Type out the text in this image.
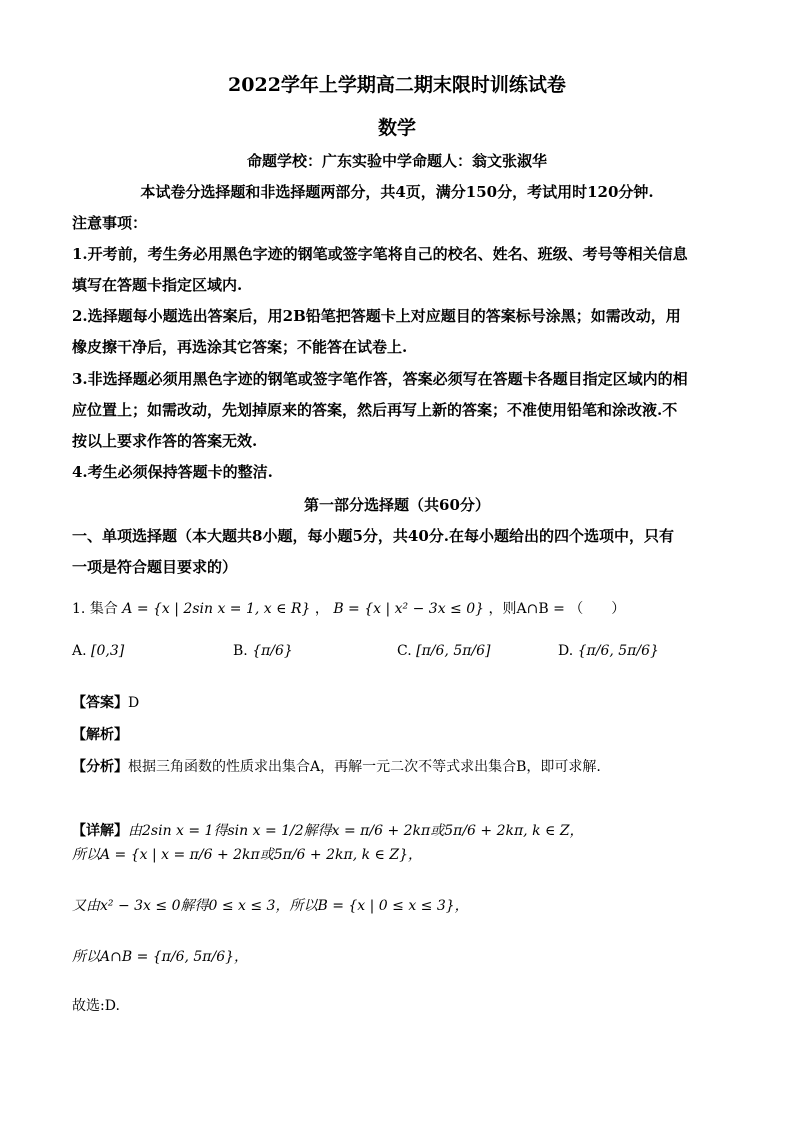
2022学年上学期高二期末限时训练试卷
数学
命题学校：广东实验中学命题人：翁文张淑华
本试卷分选择题和非选择题两部分，共4页，满分150分，考试用时120分钟.
注意事项：
1.开考前，考生务必用黑色字迹的钢笔或签字笔将自己的校名、姓名、班级、考号等相关信息
填写在答题卡指定区域内.
2.选择题每小题选出答案后，用2B铅笔把答题卡上对应题目的答案标号涂黑；如需改动，用
橡皮擦干净后，再选涂其它答案；不能答在试卷上.
3.非选择题必须用黑色字迹的钢笔或签字笔作答，答案必须写在答题卡各题目指定区域内的相
应位置上；如需改动，先划掉原来的答案，然后再写上新的答案；不准使用铅笔和涂改液.不
按以上要求作答的答案无效.
4.考生必须保持答题卡的整洁.
第一部分选择题（共60分）
一、单项选择题（本大题共8小题，每小题5分，共40分.在每小题给出的四个选项中，只有
一项是符合题目要求的）
1. 集合 A = {x | 2sin x = 1, x ∈ R} ， B = {x | x² − 3x ≤ 0} ，则A∩B = （　　）
A. [0,3]	B. {π/6}	C. [π/6, 5π/6]	D. {π/6, 5π/6}
【答案】D
【解析】
【分析】根据三角函数的性质求出集合A，再解一元二次不等式求出集合B，即可求解.
【详解】由2sin x = 1得sin x = 1/2解得x = π/6 + 2kπ或5π/6 + 2kπ, k ∈ Z，
所以A = {x | x = π/6 + 2kπ或5π/6 + 2kπ, k ∈ Z}，
又由x² − 3x ≤ 0解得0 ≤ x ≤ 3，所以B = {x | 0 ≤ x ≤ 3}，
所以A∩B = {π/6, 5π/6}，
故选:D.
